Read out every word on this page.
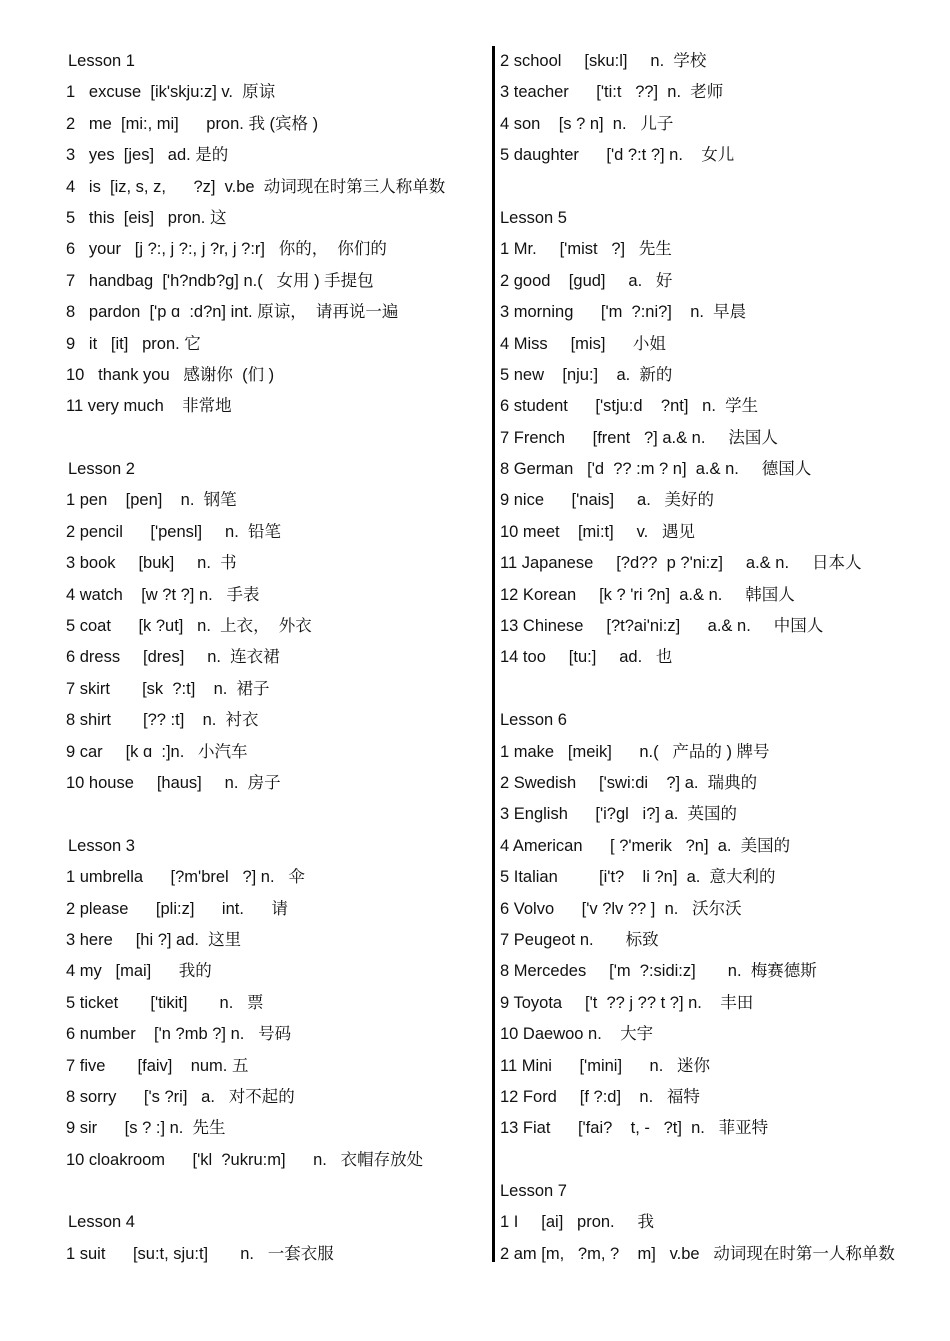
Lesson 1
1   excuse  [ik'skju:z] v.  原谅
2   me  [mi:, mi]      pron. 我 (宾格 )
3   yes  [jes]   ad. 是的
4   is  [iz, s, z,      ?z]  v.be  动词现在时第三人称单数
5   this  [eis]   pron. 这
6   your   [j ?:, j ?:, j ?r, j ?:r]   你的，  你们的
7   handbag  ['h?ndb?g] n.(   女用 ) 手提包
8   pardon  ['p ɑ  :d?n] int. 原谅，  请再说一遍
9   it   [it]   pron. 它
10   thank you   感谢你  (们 )
11 very much    非常地
Lesson 2
1 pen    [pen]    n.  钢笔
2 pencil      ['pensl]     n.  铅笔
3 book     [buk]     n.  书
4 watch    [w ?t ?] n.   手表
5 coat      [k ?ut]   n.  上衣，  外衣
6 dress     [dres]     n.  连衣裙
7 skirt       [sk  ?:t]    n.  裙子
8 shirt       [?? :t]    n.  衬衣
9 car     [k ɑ  :]n.   小汽车
10 house     [haus]     n.  房子
Lesson 3
1 umbrella      [?m'brel   ?] n.   伞
2 please      [pli:z]      int.      请
3 here     [hi ?] ad.  这里
4 my   [mai]      我的
5 ticket       ['tikit]       n.   票
6 number    ['n ?mb ?] n.   号码
7 five       [faiv]    num. 五
8 sorry      ['s ?ri]   a.   对不起的
9 sir      [s ? :] n.  先生
10 cloakroom      ['kl  ?ukru:m]      n.   衣帽存放处
Lesson 4
1 suit      [su:t, sju:t]       n.   一套衣服
2 school     [sku:l]     n.  学校
3 teacher      ['ti:t   ??]  n.  老师
4 son    [s ? n]  n.   儿子
5 daughter      ['d ?:t ?] n.    女儿
Lesson 5
1 Mr.     ['mist   ?]   先生
2 good    [gud]     a.   好
3 morning      ['m  ?:ni?]    n.  早晨
4 Miss     [mis]      小姐
5 new    [nju:]    a.  新的
6 student      ['stju:d    ?nt]   n.  学生
7 French      [frent   ?] a.& n.     法国人
8 German   ['d  ?? :m ? n]  a.& n.     德国人
9 nice      ['nais]     a.   美好的
10 meet    [mi:t]     v.   遇见
11 Japanese     [?d??  p ?'ni:z]     a.& n.     日本人
12 Korean     [k ? 'ri ?n]  a.& n.     韩国人
13 Chinese     [?t?ai'ni:z]      a.& n.     中国人
14 too     [tu:]     ad.   也
Lesson 6
1 make   [meik]      n.(   产品的 ) 牌号
2 Swedish     ['swi:di    ?] a.  瑞典的
3 English      ['i?gl   i?] a.  英国的
4 American      [ ?'merik   ?n]  a.  美国的
5 Italian         [i't?    li ?n]  a.  意大利的
6 Volvo      ['v ?lv ?? ]  n.   沃尔沃
7 Peugeot n.       标致
8 Mercedes     ['m  ?:sidi:z]       n.  梅赛德斯
9 Toyota     ['t  ?? j ?? t ?] n.    丰田
10 Daewoo n.    大宇
11 Mini      ['mini]      n.   迷你
12 Ford     [f ?:d]    n.   福特
13 Fiat      ['fai?    t, -   ?t]  n.   菲亚特
Lesson 7
1 I     [ai]   pron.     我
2 am [m,   ?m, ?    m]   v.be   动词现在时第一人称单数
